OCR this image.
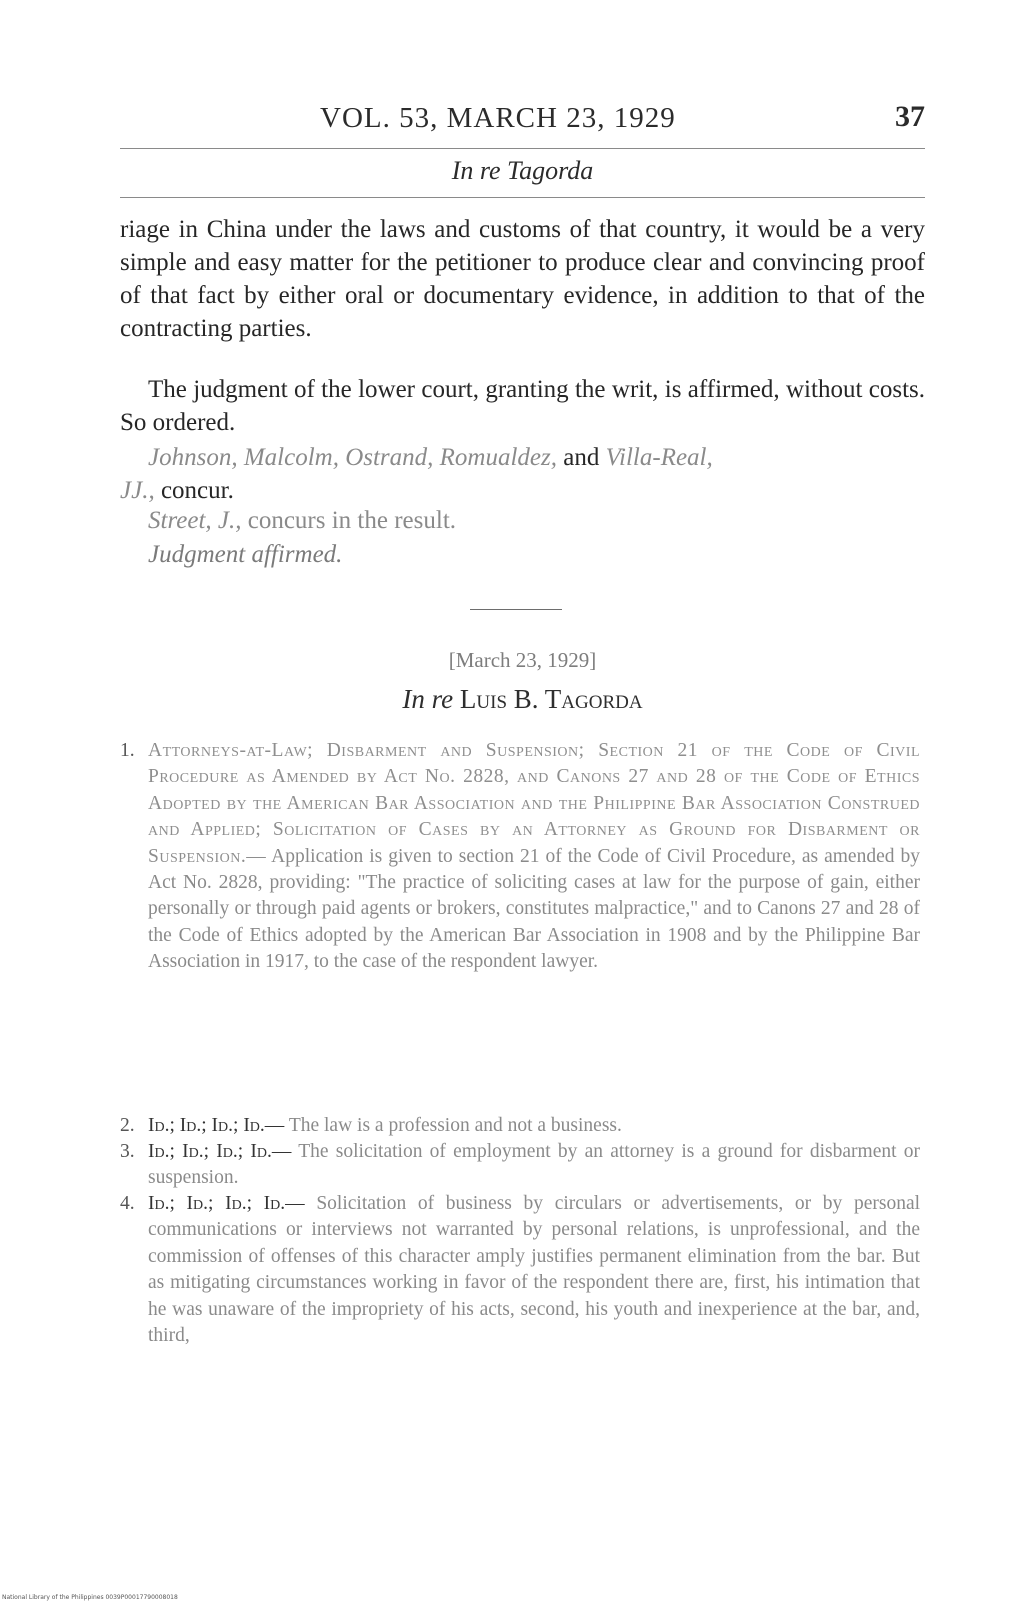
VOL. 53, MARCH 23, 1929	37
In re Tagorda

riage in China under the laws and customs of that country, it would be a very simple and easy matter for the petitioner to produce clear and convincing proof of that fact by either oral or documentary evidence, in addition to that of the contracting parties.

The judgment of the lower court, granting the writ, is affirmed, without costs. So ordered.

Johnson, Malcolm, Ostrand, Romualdez, and Villa-Real,
JJ., concur.

Street, J., concurs in the result.

Judgment affirmed.

[March 23, 1929]
In re Luis B. Tagorda

1. Attorneys-at-Law; Disbarment and Suspension; Section 21 of the Code of Civil Procedure as Amended by Act No. 2828, and Canons 27 and 28 of the Code of Ethics Adopted by the American Bar Association and the Philippine Bar Association Construed and Applied; Solicitation of Cases by an Attorney as Ground for Disbarment or Suspension.— Application is given to section 21 of the Code of Civil Procedure, as amended by Act No. 2828, providing: "The practice of soliciting cases at law for the purpose of gain, either personally or through paid agents or brokers, constitutes malpractice," and to Canons 27 and 28 of the Code of Ethics adopted by the American Bar Association in 1908 and by the Philippine Bar Association in 1917, to the case of the respondent lawyer.

2. Id.; Id.; Id.; Id.— The law is a profession and not a business.

3. Id.; Id.; Id.; Id.— The solicitation of employment by an attorney is a ground for disbarment or suspension.

4. Id.; Id.; Id.; Id.— Solicitation of business by circulars or advertisements, or by personal communications or interviews not warranted by personal relations, is unprofessional, and the commission of offenses of this character amply justifies permanent elimination from the bar. But as mitigating circumstances working in favor of the respondent there are, first, his intimation that he was unaware of the impropriety of his acts, second, his youth and inexperience at the bar, and, third,

National Library of the Philippines 0039P00017790008018
